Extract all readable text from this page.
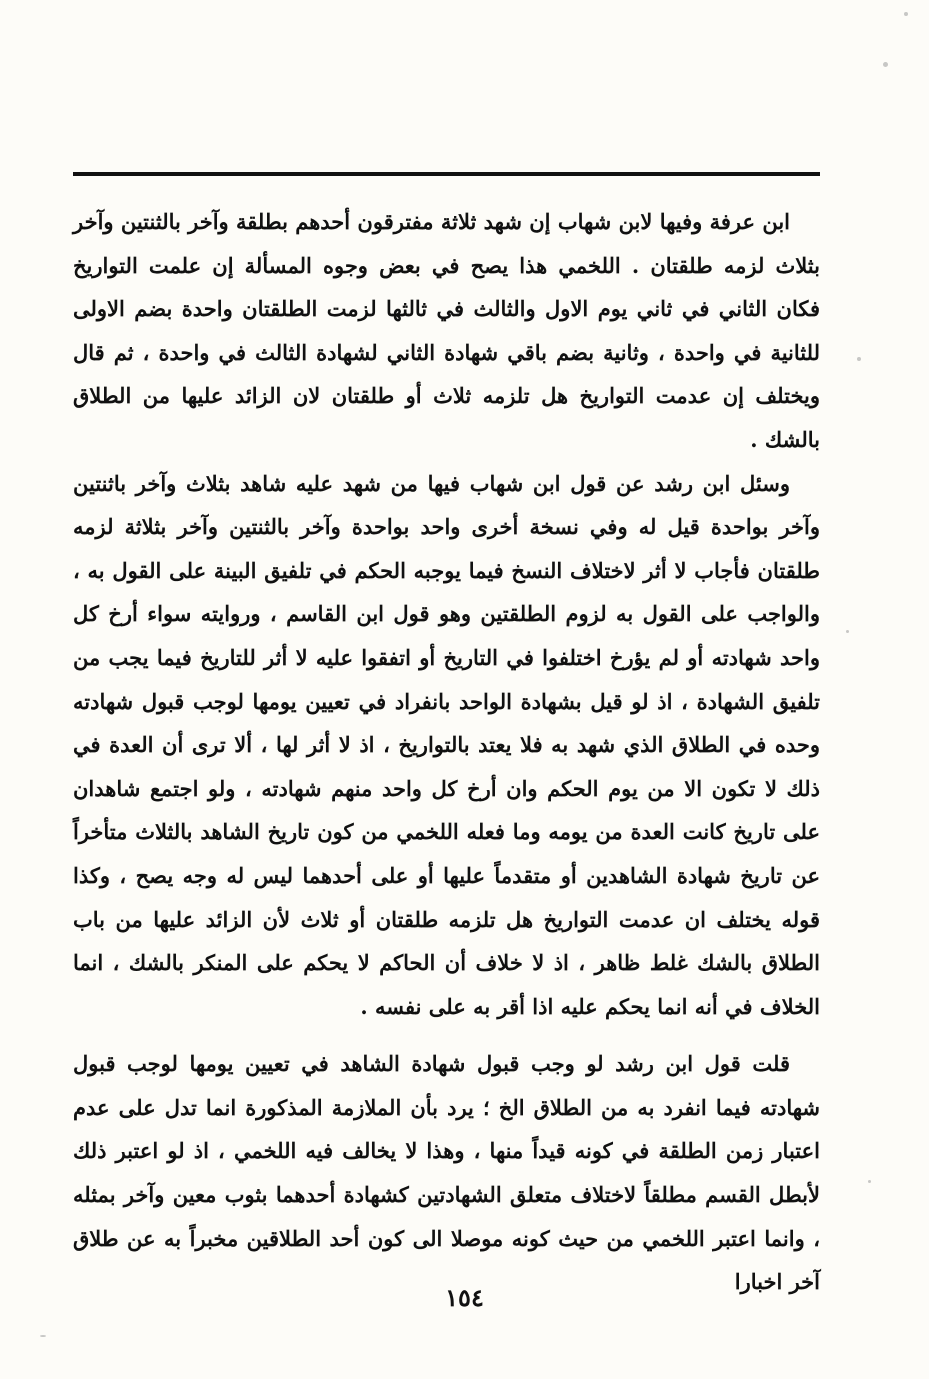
ابن عرفة وفيها لابن شهاب إن شهد ثلاثة مفترقون أحدهم بطلقة وآخر بالثنتين وآخر بثلاث لزمه طلقتان . اللخمي هذا يصح في بعض وجوه المسألة إن علمت التواريخ فكان الثاني في ثاني يوم الاول والثالث في ثالثها لزمت الطلقتان واحدة بضم الاولى للثانية في واحدة ، وثانية بضم باقي شهادة الثاني لشهادة الثالث في واحدة ، ثم قال ويختلف إن عدمت التواريخ هل تلزمه ثلاث أو طلقتان لان الزائد عليها من الطلاق بالشك .

وسئل ابن رشد عن قول ابن شهاب فيها من شهد عليه شاهد بثلاث وآخر باثنتين وآخر بواحدة قيل له وفي نسخة أخرى واحد بواحدة وآخر بالثنتين وآخر بثلاثة لزمه طلقتان فأجاب لا أثر لاختلاف النسخ فيما يوجبه الحكم في تلفيق البينة على القول به ، والواجب على القول به لزوم الطلقتين وهو قول ابن القاسم ، وروايته سواء أرخ كل واحد شهادته أو لم يؤرخ اختلفوا في التاريخ أو اتفقوا عليه لا أثر للتاريخ فيما يجب من تلفيق الشهادة ، اذ لو قيل بشهادة الواحد بانفراد في تعيين يومها لوجب قبول شهادته وحده في الطلاق الذي شهد به فلا يعتد بالتواريخ ، اذ لا أثر لها ، ألا ترى أن العدة في ذلك لا تكون الا من يوم الحكم وان أرخ كل واحد منهم شهادته ، ولو اجتمع شاهدان على تاريخ كانت العدة من يومه وما فعله اللخمي من كون تاريخ الشاهد بالثلاث متأخراً عن تاريخ شهادة الشاهدين أو متقدماً عليها أو على أحدهما ليس له وجه يصح ، وكذا قوله يختلف ان عدمت التواريخ هل تلزمه طلقتان أو ثلاث لأن الزائد عليها من باب الطلاق بالشك غلط ظاهر ، اذ لا خلاف أن الحاكم لا يحكم على المنكر بالشك ، انما الخلاف في أنه انما يحكم عليه اذا أقر به على نفسه .

قلت قول ابن رشد لو وجب قبول شهادة الشاهد في تعيين يومها لوجب قبول شهادته فيما انفرد به من الطلاق الخ ؛ يرد بأن الملازمة المذكورة انما تدل على عدم اعتبار زمن الطلقة في كونه قيداً منها ، وهذا لا يخالف فيه اللخمي ، اذ لو اعتبر ذلك لأبطل القسم مطلقاً لاختلاف متعلق الشهادتين كشهادة أحدهما بثوب معين وآخر بمثله ، وانما اعتبر اللخمي من حيث كونه موصلا الى كون أحد الطلاقين مخبراً به عن طلاق آخر اخبارا

١٥٤
